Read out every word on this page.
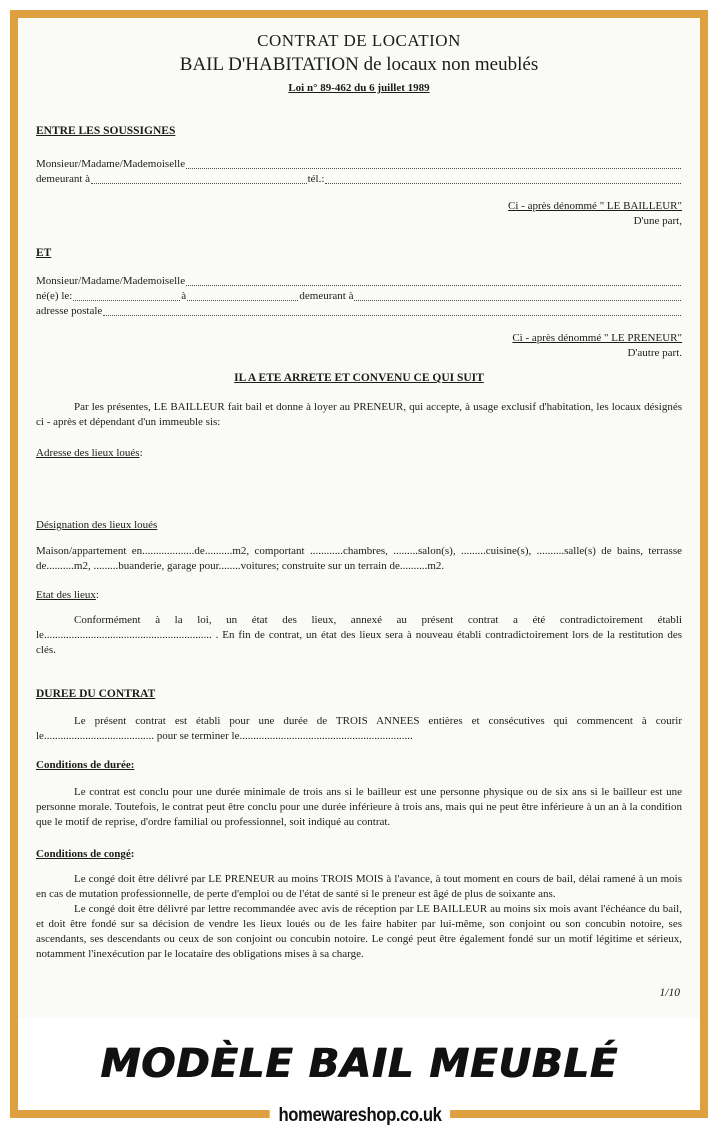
CONTRAT DE LOCATION
BAIL D'HABITATION de locaux non meublés
Loi n° 89-462 du 6 juillet 1989
ENTRE LES SOUSSIGNES
Monsieur/Madame/Mademoiselle
demeurant à	tél.:
Ci - après dénommé " LE BAILLEUR"
D'une part,
ET
Monsieur/Madame/Mademoiselle
né(e) le:	à	demeurant à
adresse postale
Ci - après dénommé " LE PRENEUR"
D'autre part.
IL A ETE ARRETE ET CONVENU CE QUI SUIT

Par les présentes, LE BAILLEUR fait bail et donne à loyer au PRENEUR, qui accepte, à usage exclusif d'habitation, les locaux désignés ci - après et dépendant d'un immeuble sis:

Adresse des lieux loués:
Désignation des lieux loués

Maison/appartement en...................de..........m2, comportant ............chambres, .........salon(s), .........cuisine(s), ..........salle(s) de bains, terrasse de..........m2, .........buanderie, garage pour........voitures; construite sur un terrain de..........m2.

Etat des lieux:

Conformément à la loi, un état des lieux, annexé au présent contrat a été contradictoirement établi le............................................................. . En fin de contrat, un état des lieux sera à nouveau établi contradictoirement lors de la restitution des clés.

DUREE DU CONTRAT

Le présent contrat est établi pour une durée de TROIS ANNEES entières et consécutives qui commencent à courir le........................................ pour se terminer le...............................................................

Conditions de durée:

Le contrat est conclu pour une durée minimale de trois ans si le bailleur est une personne physique ou de six ans si le bailleur est une personne morale. Toutefois, le contrat peut être conclu pour une durée inférieure à trois ans, mais qui ne peut être inférieure à un an à la condition que le motif de reprise, d'ordre familial ou professionnel, soit indiqué au contrat.

Conditions de congé:

Le congé doit être délivré par LE PRENEUR au moins TROIS MOIS à l'avance, à tout moment en cours de bail, délai ramené à un mois en cas de mutation professionnelle, de perte d'emploi ou de l'état de santé si le preneur est âgé de plus de soixante ans.

Le congé doit être délivré par lettre recommandée avec avis de réception par LE BAILLEUR au moins six mois avant l'échéance du bail, et doit être fondé sur sa décision de vendre les lieux loués ou de les faire habiter par lui-même, son conjoint ou son concubin notoire, ses ascendants, ses descendants ou ceux de son conjoint ou concubin notoire. Le congé peut être également fondé sur un motif légitime et sérieux, notamment l'inexécution par le locataire des obligations mises à sa charge.

1/10
MODÈLE BAIL MEUBLÉ
homewareshop.co.uk
